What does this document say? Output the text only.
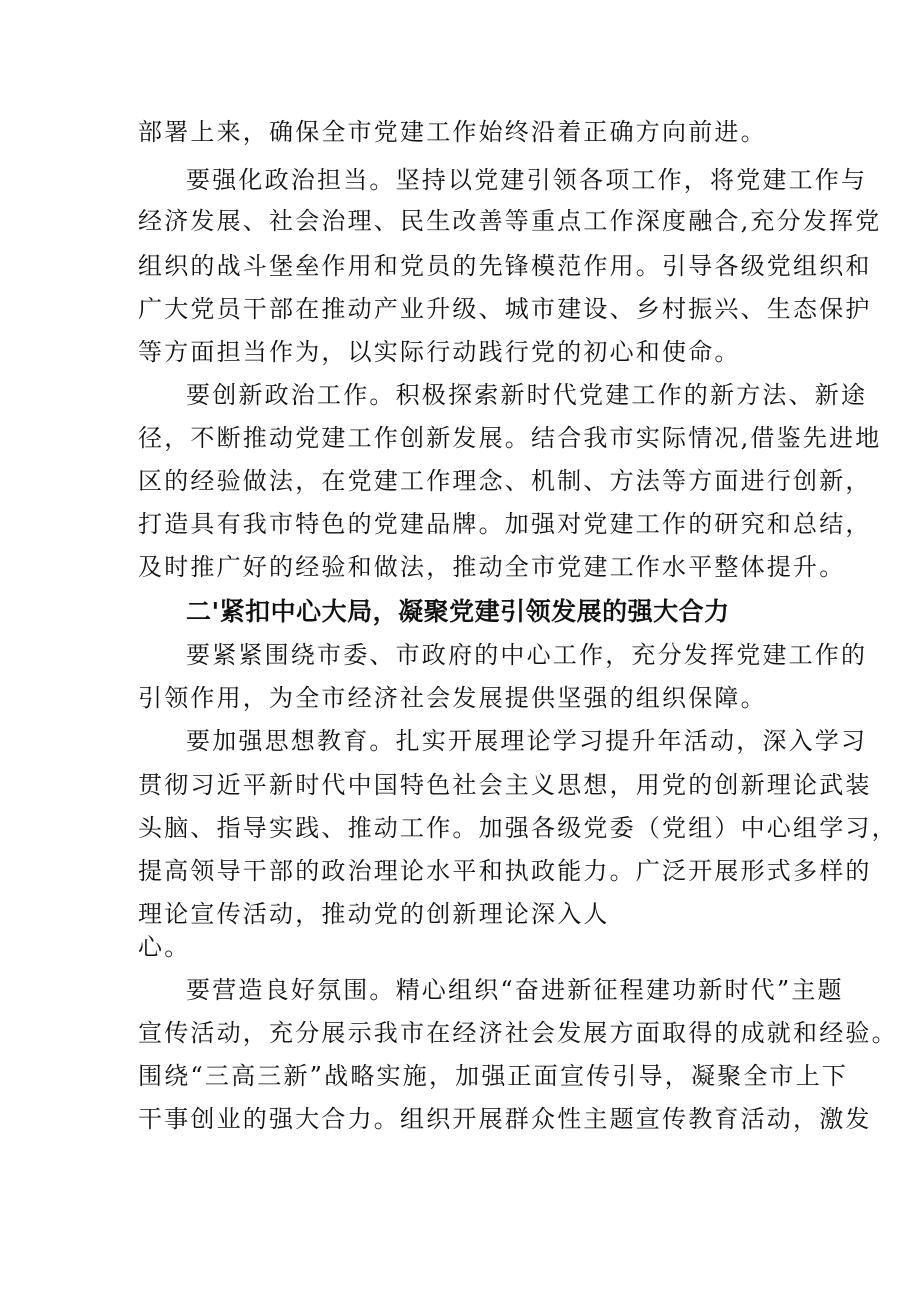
部署上来，确保全市党建工作始终沿着正确方向前进。
要强化政治担当。坚持以党建引领各项工作，将党建工作与
经济发展、社会治理、民生改善等重点工作深度融合,充分发挥党
组织的战斗堡垒作用和党员的先锋模范作用。引导各级党组织和
广大党员干部在推动产业升级、城市建设、乡村振兴、生态保护
等方面担当作为，以实际行动践行党的初心和使命。
要创新政治工作。积极探索新时代党建工作的新方法、新途
径，不断推动党建工作创新发展。结合我市实际情况,借鉴先进地
区的经验做法，在党建工作理念、机制、方法等方面进行创新，
打造具有我市特色的党建品牌。加强对党建工作的研究和总结，
及时推广好的经验和做法，推动全市党建工作水平整体提升。
二'紧扣中心大局，凝聚党建引领发展的强大合力
要紧紧围绕市委、市政府的中心工作，充分发挥党建工作的
引领作用，为全市经济社会发展提供坚强的组织保障。
要加强思想教育。扎实开展理论学习提升年活动，深入学习
贯彻习近平新时代中国特色社会主义思想，用党的创新理论武装
头脑、指导实践、推动工作。加强各级党委（党组）中心组学习，
提高领导干部的政治理论水平和执政能力。广泛开展形式多样的
理论宣传活动，推动党的创新理论深入人
心。
要营造良好氛围。精心组织“奋进新征程建功新时代”主题
宣传活动，充分展示我市在经济社会发展方面取得的成就和经验。
围绕“三高三新”战略实施，加强正面宣传引导，凝聚全市上下
干事创业的强大合力。组织开展群众性主题宣传教育活动，激发
